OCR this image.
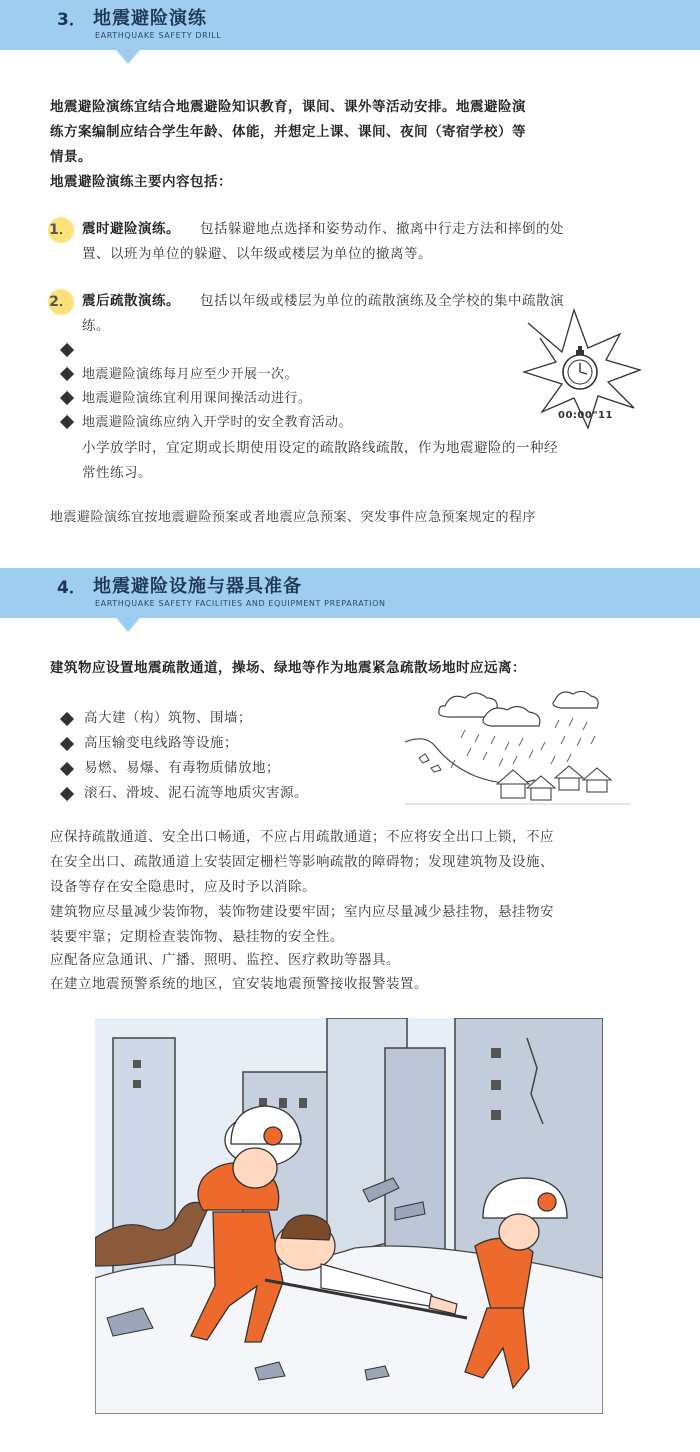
3． 地震避险演练
EARTHQUAKE SAFETY DRILL
地震避险演练宜结合地震避险知识教育，课间、课外等活动安排。地震避险演
练方案编制应结合学生年龄、体能，并想定上课、课间、夜间（寄宿学校）等
情景。
地震避险演练主要内容包括：
1． 震时避险演练。 包括躲避地点选择和姿势动作、撤离中行走方法和摔倒的处
置、以班为单位的躲避、以年级或楼层为单位的撤离等。
2． 震后疏散演练。 包括以年级或楼层为单位的疏散演练及全学校的集中疏散演
练。
地震避险演练每月应至少开展一次。
地震避险演练宜利用课间操活动进行。
地震避险演练应纳入开学时的安全教育活动。
小学放学时，宜定期或长期使用设定的疏散路线疏散，作为地震避险的一种经
常性练习。
00:00"11
地震避险演练宜按地震避险预案或者地震应急预案、突发事件应急预案规定的程序
4． 地震避险设施与器具准备
EARTHQUAKE SAFETY FACILITIES AND EQUIPMENT PREPARATION
建筑物应设置地震疏散通道，操场、绿地等作为地震紧急疏散场地时应远离：
高大建（构）筑物、围墙；
高压输变电线路等设施；
易燃、易爆、有毒物质储放地；
滚石、滑坡、泥石流等地质灾害源。
应保持疏散通道、安全出口畅通，不应占用疏散通道；不应将安全出口上锁，不应
在安全出口、疏散通道上安装固定栅栏等影响疏散的障碍物；发现建筑物及设施、
设备等存在安全隐患时，应及时予以消除。
建筑物应尽量减少装饰物，装饰物建设要牢固；室内应尽量减少悬挂物，悬挂物安
装要牢靠；定期检查装饰物、悬挂物的安全性。
应配备应急通讯、广播、照明、监控、医疗救助等器具。
在建立地震预警系统的地区，宜安装地震预警接收报警装置。
